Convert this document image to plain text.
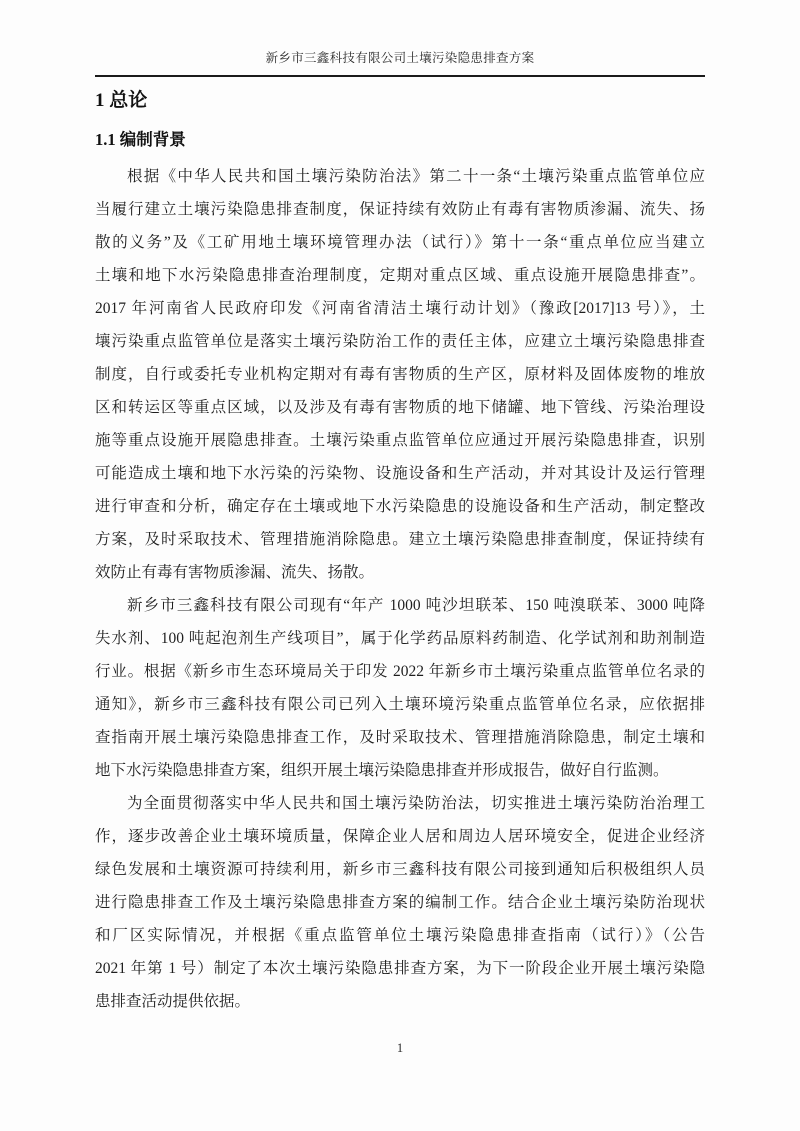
新乡市三鑫科技有限公司土壤污染隐患排查方案
1 总论
1.1 编制背景
根据《中华人民共和国土壤污染防治法》第二十一条“土壤污染重点监管单位应
当履行建立土壤污染隐患排查制度，保证持续有效防止有毒有害物质渗漏、流失、扬
散的义务”及《工矿用地土壤环境管理办法（试行）》第十一条“重点单位应当建立
土壤和地下水污染隐患排查治理制度，定期对重点区域、重点设施开展隐患排查”。
2017 年河南省人民政府印发《河南省清洁土壤行动计划》（豫政[2017]13 号）》，土
壤污染重点监管单位是落实土壤污染防治工作的责任主体，应建立土壤污染隐患排查
制度，自行或委托专业机构定期对有毒有害物质的生产区，原材料及固体废物的堆放
区和转运区等重点区域，以及涉及有毒有害物质的地下储罐、地下管线、污染治理设
施等重点设施开展隐患排查。土壤污染重点监管单位应通过开展污染隐患排查，识别
可能造成土壤和地下水污染的污染物、设施设备和生产活动，并对其设计及运行管理
进行审查和分析，确定存在土壤或地下水污染隐患的设施设备和生产活动，制定整改
方案，及时采取技术、管理措施消除隐患。建立土壤污染隐患排查制度，保证持续有
效防止有毒有害物质渗漏、流失、扬散。
新乡市三鑫科技有限公司现有“年产 1000 吨沙坦联苯、150 吨溴联苯、3000 吨降
失水剂、100 吨起泡剂生产线项目”，属于化学药品原料药制造、化学试剂和助剂制造
行业。根据《新乡市生态环境局关于印发 2022 年新乡市土壤污染重点监管单位名录的
通知》，新乡市三鑫科技有限公司已列入土壤环境污染重点监管单位名录，应依据排
查指南开展土壤污染隐患排查工作，及时采取技术、管理措施消除隐患，制定土壤和
地下水污染隐患排查方案，组织开展土壤污染隐患排查并形成报告，做好自行监测。
为全面贯彻落实中华人民共和国土壤污染防治法，切实推进土壤污染防治治理工
作，逐步改善企业土壤环境质量，保障企业人居和周边人居环境安全，促进企业经济
绿色发展和土壤资源可持续利用，新乡市三鑫科技有限公司接到通知后积极组织人员
进行隐患排查工作及土壤污染隐患排查方案的编制工作。结合企业土壤污染防治现状
和厂区实际情况，并根据《重点监管单位土壤污染隐患排查指南（试行）》（公告
2021 年第 1 号）制定了本次土壤污染隐患排查方案，为下一阶段企业开展土壤污染隐
患排查活动提供依据。
1
